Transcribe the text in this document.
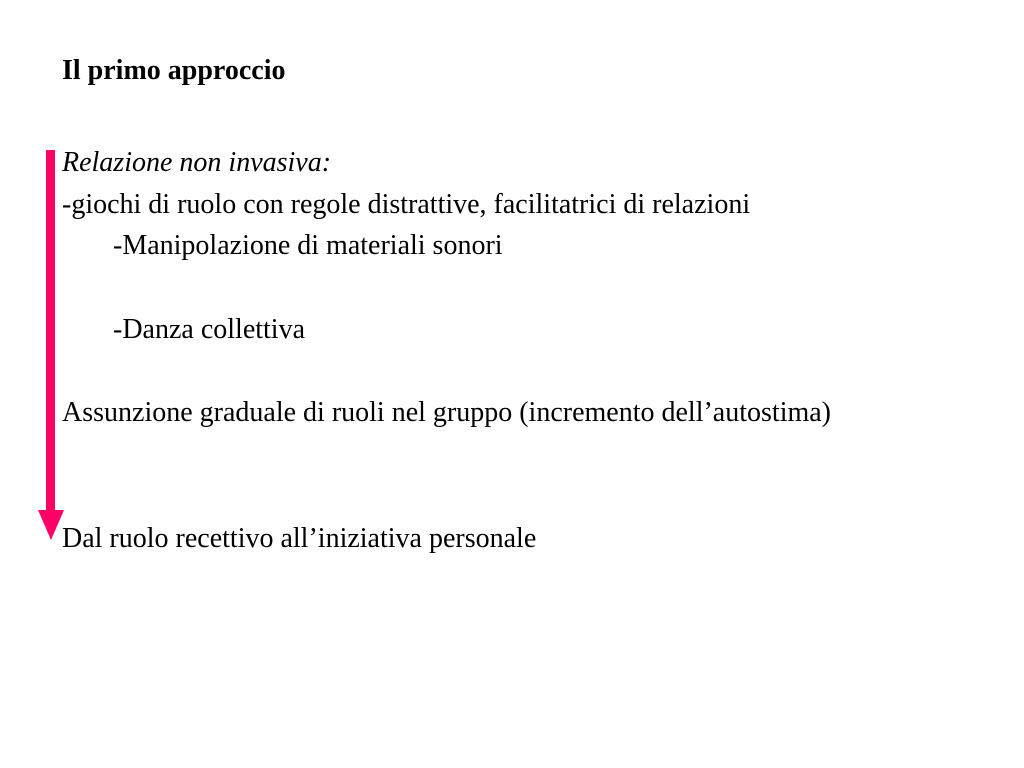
Il primo approccio
Relazione non invasiva:
-giochi di ruolo con regole distrattive, facilitatrici di relazioni
-Manipolazione di materiali sonori
-Danza collettiva
Assunzione graduale di ruoli nel gruppo (incremento dell’autostima)
Dal ruolo recettivo all’iniziativa personale
